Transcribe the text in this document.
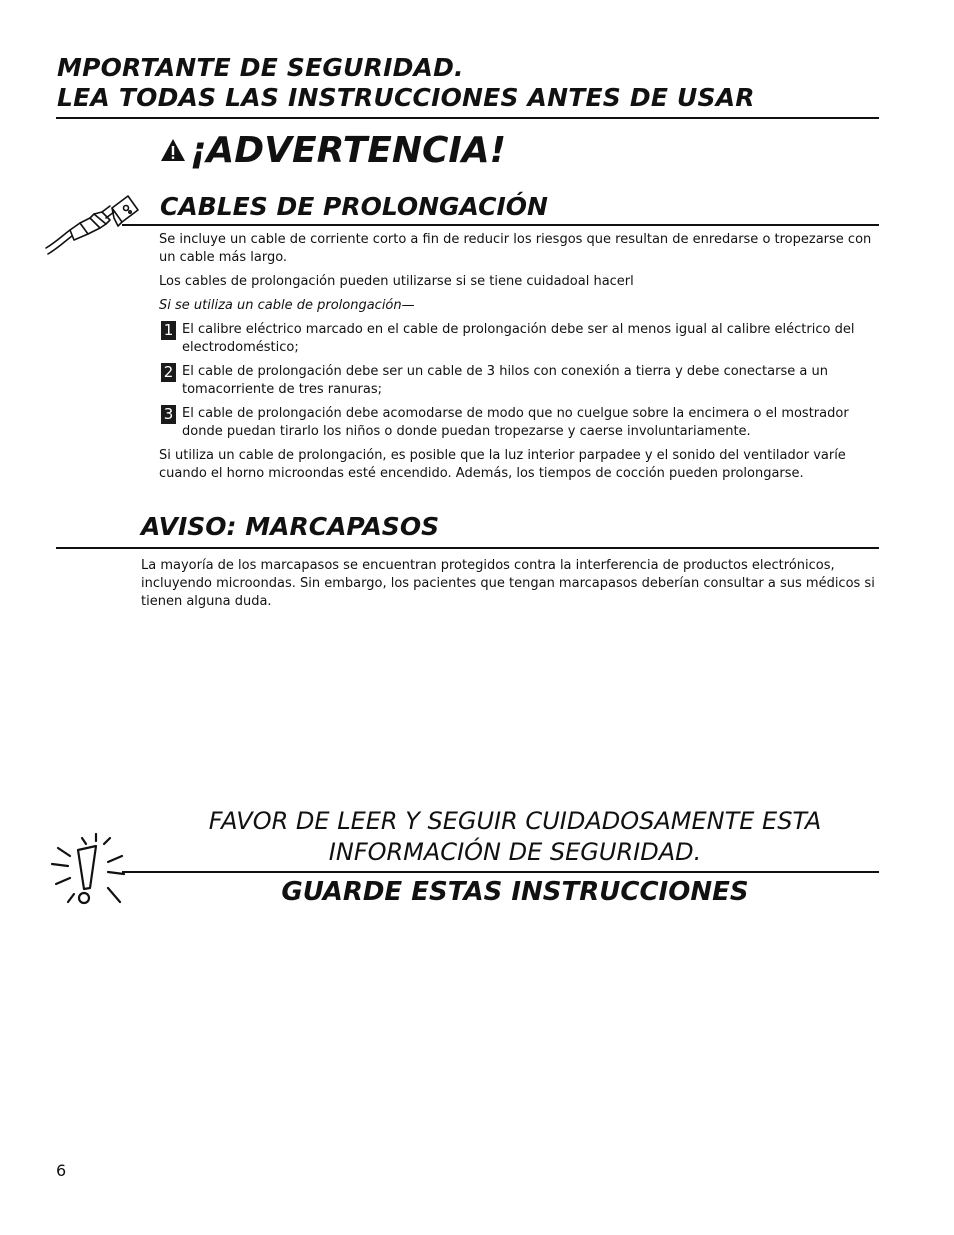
MPORTANTE DE SEGURIDAD.
LEA TODAS LAS INSTRUCCIONES ANTES DE USAR
¡ADVERTENCIA!
CABLES DE PROLONGACIÓN
Se incluye un cable de corriente corto a fin de reducir los riesgos que resultan de enredarse o tropezarse con un cable más largo.
Los cables de prolongación pueden utilizarse si se tiene cuidadoal hacerl
Si se utiliza un cable de prolongación—
1 El calibre eléctrico marcado en el cable de prolongación debe ser al menos igual al calibre eléctrico del electrodoméstico;
2 El cable de prolongación debe ser un cable de 3 hilos con conexión a tierra y debe conectarse a un tomacorriente de tres ranuras;
3 El cable de prolongación debe acomodarse de modo que no cuelgue sobre la encimera o el mostrador donde puedan tirarlo los niños o donde puedan tropezarse y caerse involuntariamente.
Si utiliza un cable de prolongación, es posible que la luz interior parpadee y el sonido del ventilador varíe cuando el horno microondas esté encendido. Además, los tiempos de cocción pueden prolongarse.
AVISO: MARCAPASOS
La mayoría de los marcapasos se encuentran protegidos contra la interferencia de productos electrónicos, incluyendo microondas. Sin embargo, los pacientes que tengan marcapasos deberían consultar a sus médicos si tienen alguna duda.
FAVOR DE LEER Y SEGUIR CUIDADOSAMENTE ESTA
INFORMACIÓN DE SEGURIDAD.
GUARDE ESTAS INSTRUCCIONES
6
